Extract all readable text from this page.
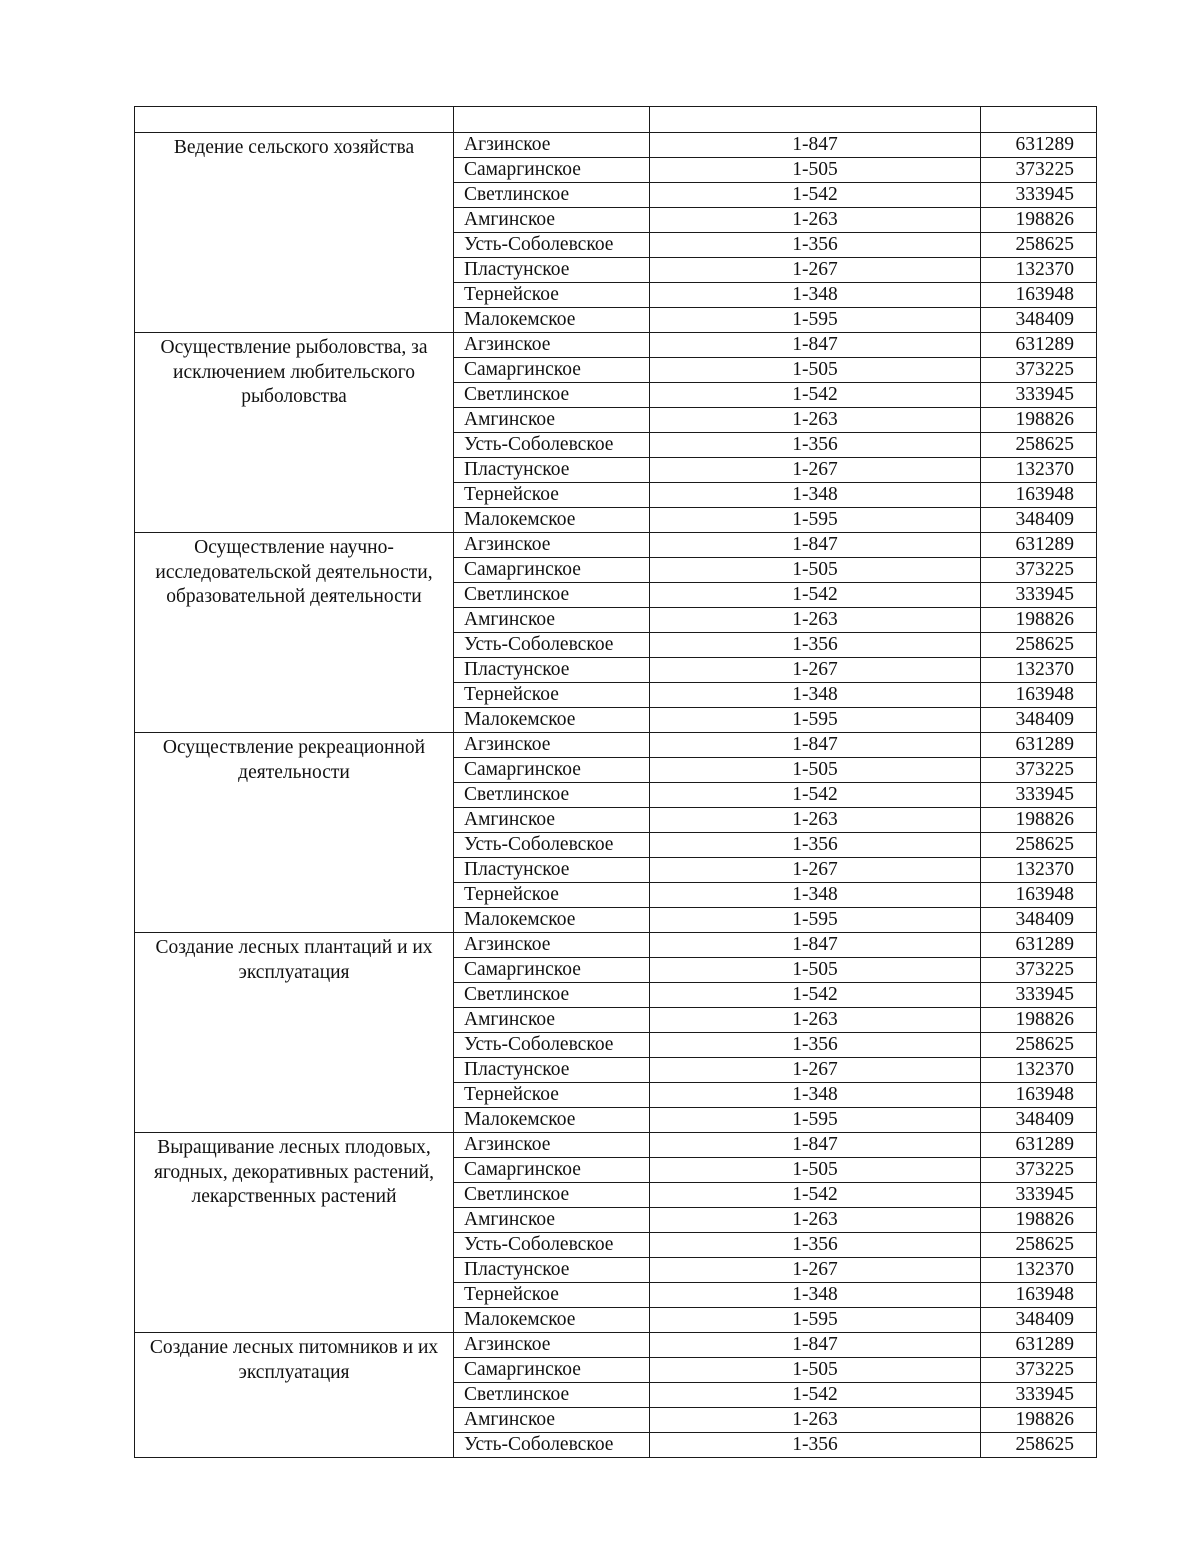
Ведение сельского хозяйства	Агзинское	1-847	631289
	Самаргинское	1-505	373225
	Светлинское	1-542	333945
	Амгинское	1-263	198826
	Усть-Соболевское	1-356	258625
	Пластунское	1-267	132370
	Тернейское	1-348	163948
	Малокемское	1-595	348409
Осуществление рыболовства, за исключением любительского рыболовства	Агзинское	1-847	631289
	Самаргинское	1-505	373225
	Светлинское	1-542	333945
	Амгинское	1-263	198826
	Усть-Соболевское	1-356	258625
	Пластунское	1-267	132370
	Тернейское	1-348	163948
	Малокемское	1-595	348409
Осуществление научно-исследовательской деятельности, образовательной деятельности	Агзинское	1-847	631289
	Самаргинское	1-505	373225
	Светлинское	1-542	333945
	Амгинское	1-263	198826
	Усть-Соболевское	1-356	258625
	Пластунское	1-267	132370
	Тернейское	1-348	163948
	Малокемское	1-595	348409
Осуществление рекреационной деятельности	Агзинское	1-847	631289
	Самаргинское	1-505	373225
	Светлинское	1-542	333945
	Амгинское	1-263	198826
	Усть-Соболевское	1-356	258625
	Пластунское	1-267	132370
	Тернейское	1-348	163948
	Малокемское	1-595	348409
Создание лесных плантаций и их эксплуатация	Агзинское	1-847	631289
	Самаргинское	1-505	373225
	Светлинское	1-542	333945
	Амгинское	1-263	198826
	Усть-Соболевское	1-356	258625
	Пластунское	1-267	132370
	Тернейское	1-348	163948
	Малокемское	1-595	348409
Выращивание лесных плодовых, ягодных, декоративных растений, лекарственных растений	Агзинское	1-847	631289
	Самаргинское	1-505	373225
	Светлинское	1-542	333945
	Амгинское	1-263	198826
	Усть-Соболевское	1-356	258625
	Пластунское	1-267	132370
	Тернейское	1-348	163948
	Малокемское	1-595	348409
Создание лесных питомников и их эксплуатация	Агзинское	1-847	631289
	Самаргинское	1-505	373225
	Светлинское	1-542	333945
	Амгинское	1-263	198826
	Усть-Соболевское	1-356	258625
